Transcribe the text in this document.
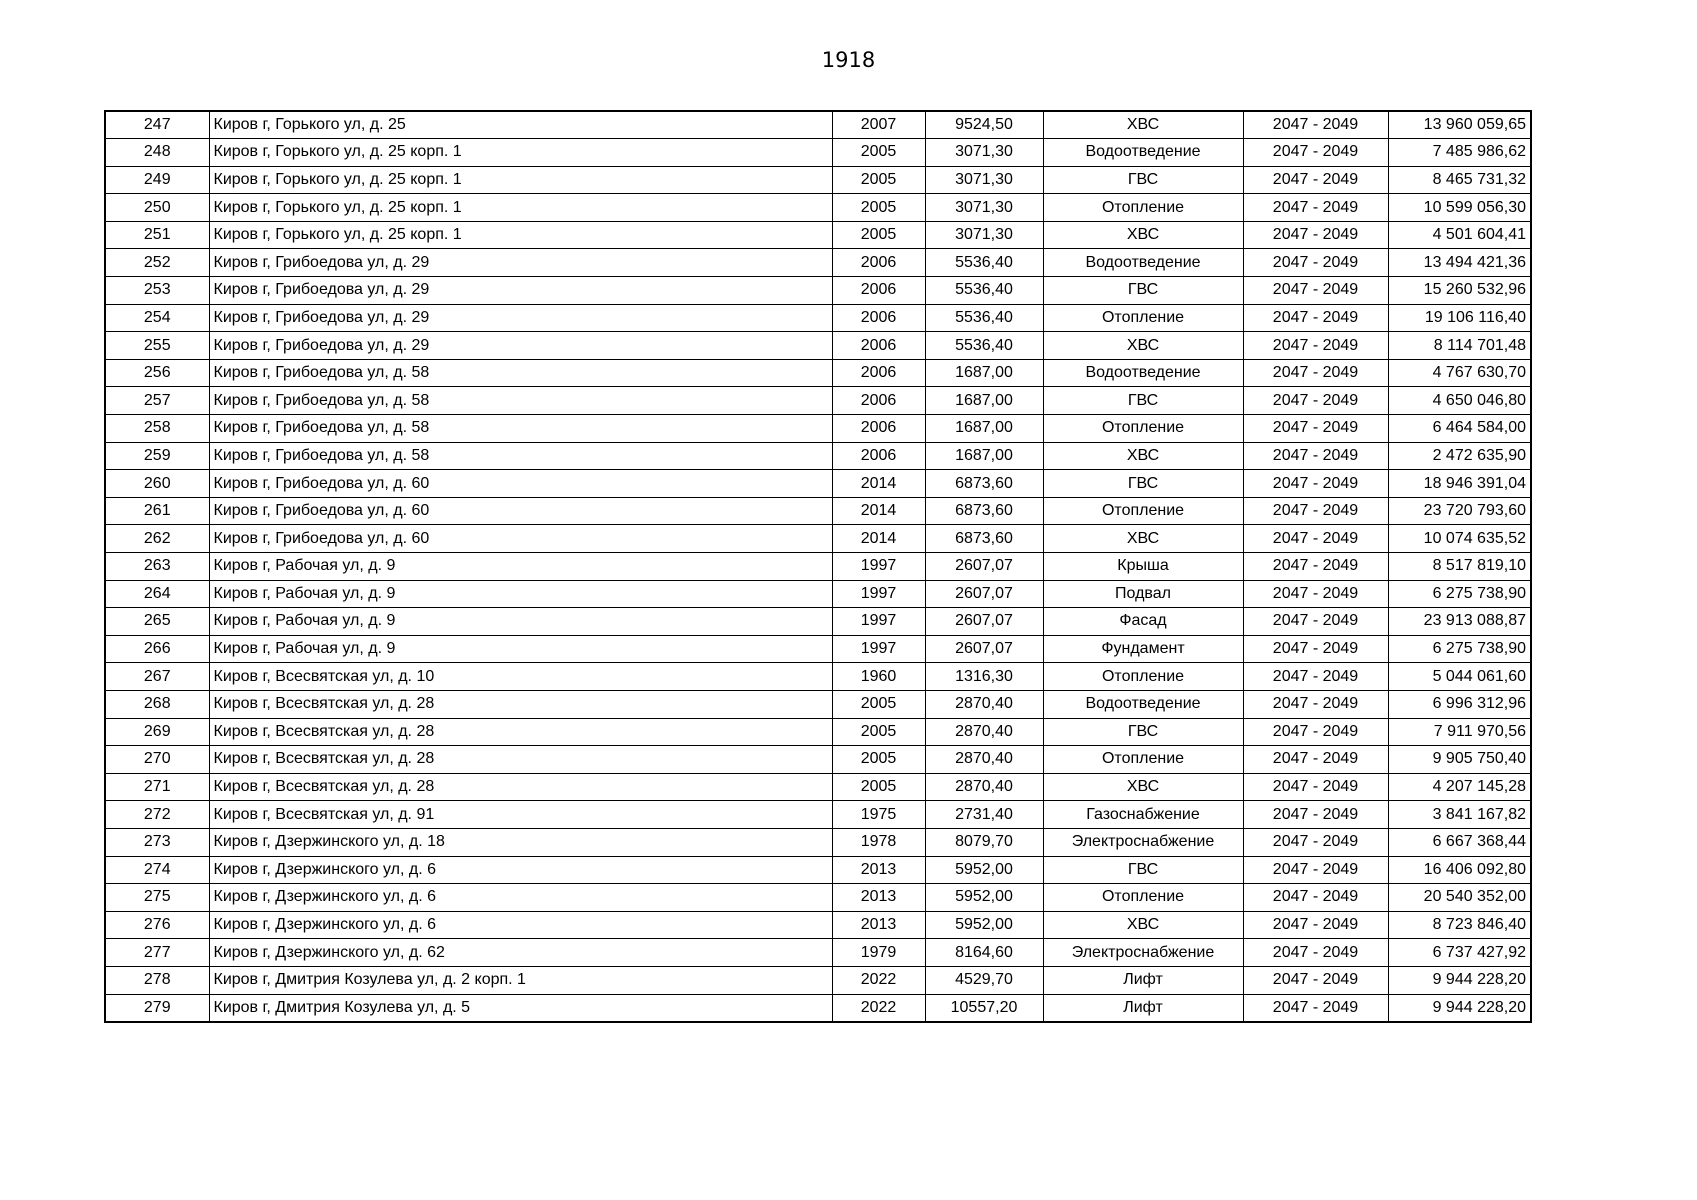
1918
247	Киров г, Горького ул, д. 25	2007	9524,50	ХВС	2047 - 2049	13 960 059,65
248	Киров г, Горького ул, д. 25 корп. 1	2005	3071,30	Водоотведение	2047 - 2049	7 485 986,62
249	Киров г, Горького ул, д. 25 корп. 1	2005	3071,30	ГВС	2047 - 2049	8 465 731,32
250	Киров г, Горького ул, д. 25 корп. 1	2005	3071,30	Отопление	2047 - 2049	10 599 056,30
251	Киров г, Горького ул, д. 25 корп. 1	2005	3071,30	ХВС	2047 - 2049	4 501 604,41
252	Киров г, Грибоедова ул, д. 29	2006	5536,40	Водоотведение	2047 - 2049	13 494 421,36
253	Киров г, Грибоедова ул, д. 29	2006	5536,40	ГВС	2047 - 2049	15 260 532,96
254	Киров г, Грибоедова ул, д. 29	2006	5536,40	Отопление	2047 - 2049	19 106 116,40
255	Киров г, Грибоедова ул, д. 29	2006	5536,40	ХВС	2047 - 2049	8 114 701,48
256	Киров г, Грибоедова ул, д. 58	2006	1687,00	Водоотведение	2047 - 2049	4 767 630,70
257	Киров г, Грибоедова ул, д. 58	2006	1687,00	ГВС	2047 - 2049	4 650 046,80
258	Киров г, Грибоедова ул, д. 58	2006	1687,00	Отопление	2047 - 2049	6 464 584,00
259	Киров г, Грибоедова ул, д. 58	2006	1687,00	ХВС	2047 - 2049	2 472 635,90
260	Киров г, Грибоедова ул, д. 60	2014	6873,60	ГВС	2047 - 2049	18 946 391,04
261	Киров г, Грибоедова ул, д. 60	2014	6873,60	Отопление	2047 - 2049	23 720 793,60
262	Киров г, Грибоедова ул, д. 60	2014	6873,60	ХВС	2047 - 2049	10 074 635,52
263	Киров г, Рабочая ул, д. 9	1997	2607,07	Крыша	2047 - 2049	8 517 819,10
264	Киров г, Рабочая ул, д. 9	1997	2607,07	Подвал	2047 - 2049	6 275 738,90
265	Киров г, Рабочая ул, д. 9	1997	2607,07	Фасад	2047 - 2049	23 913 088,87
266	Киров г, Рабочая ул, д. 9	1997	2607,07	Фундамент	2047 - 2049	6 275 738,90
267	Киров г, Всесвятская ул, д. 10	1960	1316,30	Отопление	2047 - 2049	5 044 061,60
268	Киров г, Всесвятская ул, д. 28	2005	2870,40	Водоотведение	2047 - 2049	6 996 312,96
269	Киров г, Всесвятская ул, д. 28	2005	2870,40	ГВС	2047 - 2049	7 911 970,56
270	Киров г, Всесвятская ул, д. 28	2005	2870,40	Отопление	2047 - 2049	9 905 750,40
271	Киров г, Всесвятская ул, д. 28	2005	2870,40	ХВС	2047 - 2049	4 207 145,28
272	Киров г, Всесвятская ул, д. 91	1975	2731,40	Газоснабжение	2047 - 2049	3 841 167,82
273	Киров г, Дзержинского ул, д. 18	1978	8079,70	Электроснабжение	2047 - 2049	6 667 368,44
274	Киров г, Дзержинского ул, д. 6	2013	5952,00	ГВС	2047 - 2049	16 406 092,80
275	Киров г, Дзержинского ул, д. 6	2013	5952,00	Отопление	2047 - 2049	20 540 352,00
276	Киров г, Дзержинского ул, д. 6	2013	5952,00	ХВС	2047 - 2049	8 723 846,40
277	Киров г, Дзержинского ул, д. 62	1979	8164,60	Электроснабжение	2047 - 2049	6 737 427,92
278	Киров г, Дмитрия Козулева ул, д. 2 корп. 1	2022	4529,70	Лифт	2047 - 2049	9 944 228,20
279	Киров г, Дмитрия Козулева ул, д. 5	2022	10557,20	Лифт	2047 - 2049	9 944 228,20
